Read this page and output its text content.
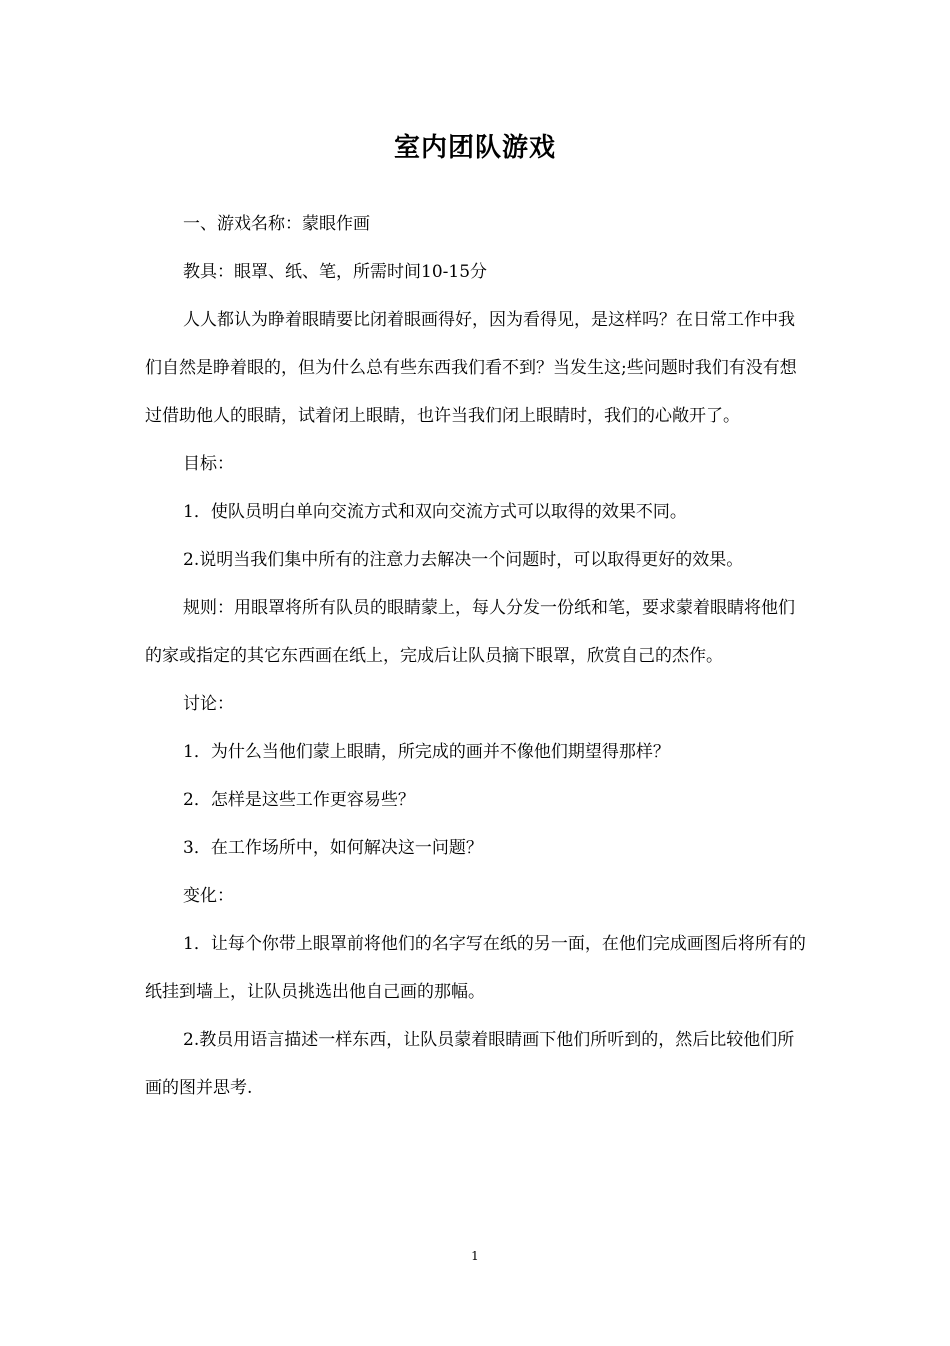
室内团队游戏

一、游戏名称：蒙眼作画

教具：眼罩、纸、笔，所需时间10-15分

人人都认为睁着眼睛要比闭着眼画得好，因为看得见，是这样吗？在日常工作中我们自然是睁着眼的，但为什么总有些东西我们看不到？当发生这;些问题时我们有没有想过借助他人的眼睛，试着闭上眼睛，也许当我们闭上眼睛时，我们的心敞开了。

目标：

1．使队员明白单向交流方式和双向交流方式可以取得的效果不同。

2.说明当我们集中所有的注意力去解决一个问题时，可以取得更好的效果。

规则：用眼罩将所有队员的眼睛蒙上，每人分发一份纸和笔，要求蒙着眼睛将他们的家或指定的其它东西画在纸上，完成后让队员摘下眼罩，欣赏自己的杰作。

讨论：

1．为什么当他们蒙上眼睛，所完成的画并不像他们期望得那样？

2．怎样是这些工作更容易些？

3．在工作场所中，如何解决这一问题？

变化：

1．让每个你带上眼罩前将他们的名字写在纸的另一面，在他们完成画图后将所有的纸挂到墙上，让队员挑选出他自己画的那幅。

2.教员用语言描述一样东西，让队员蒙着眼睛画下他们所听到的，然后比较他们所画的图并思考.

1
